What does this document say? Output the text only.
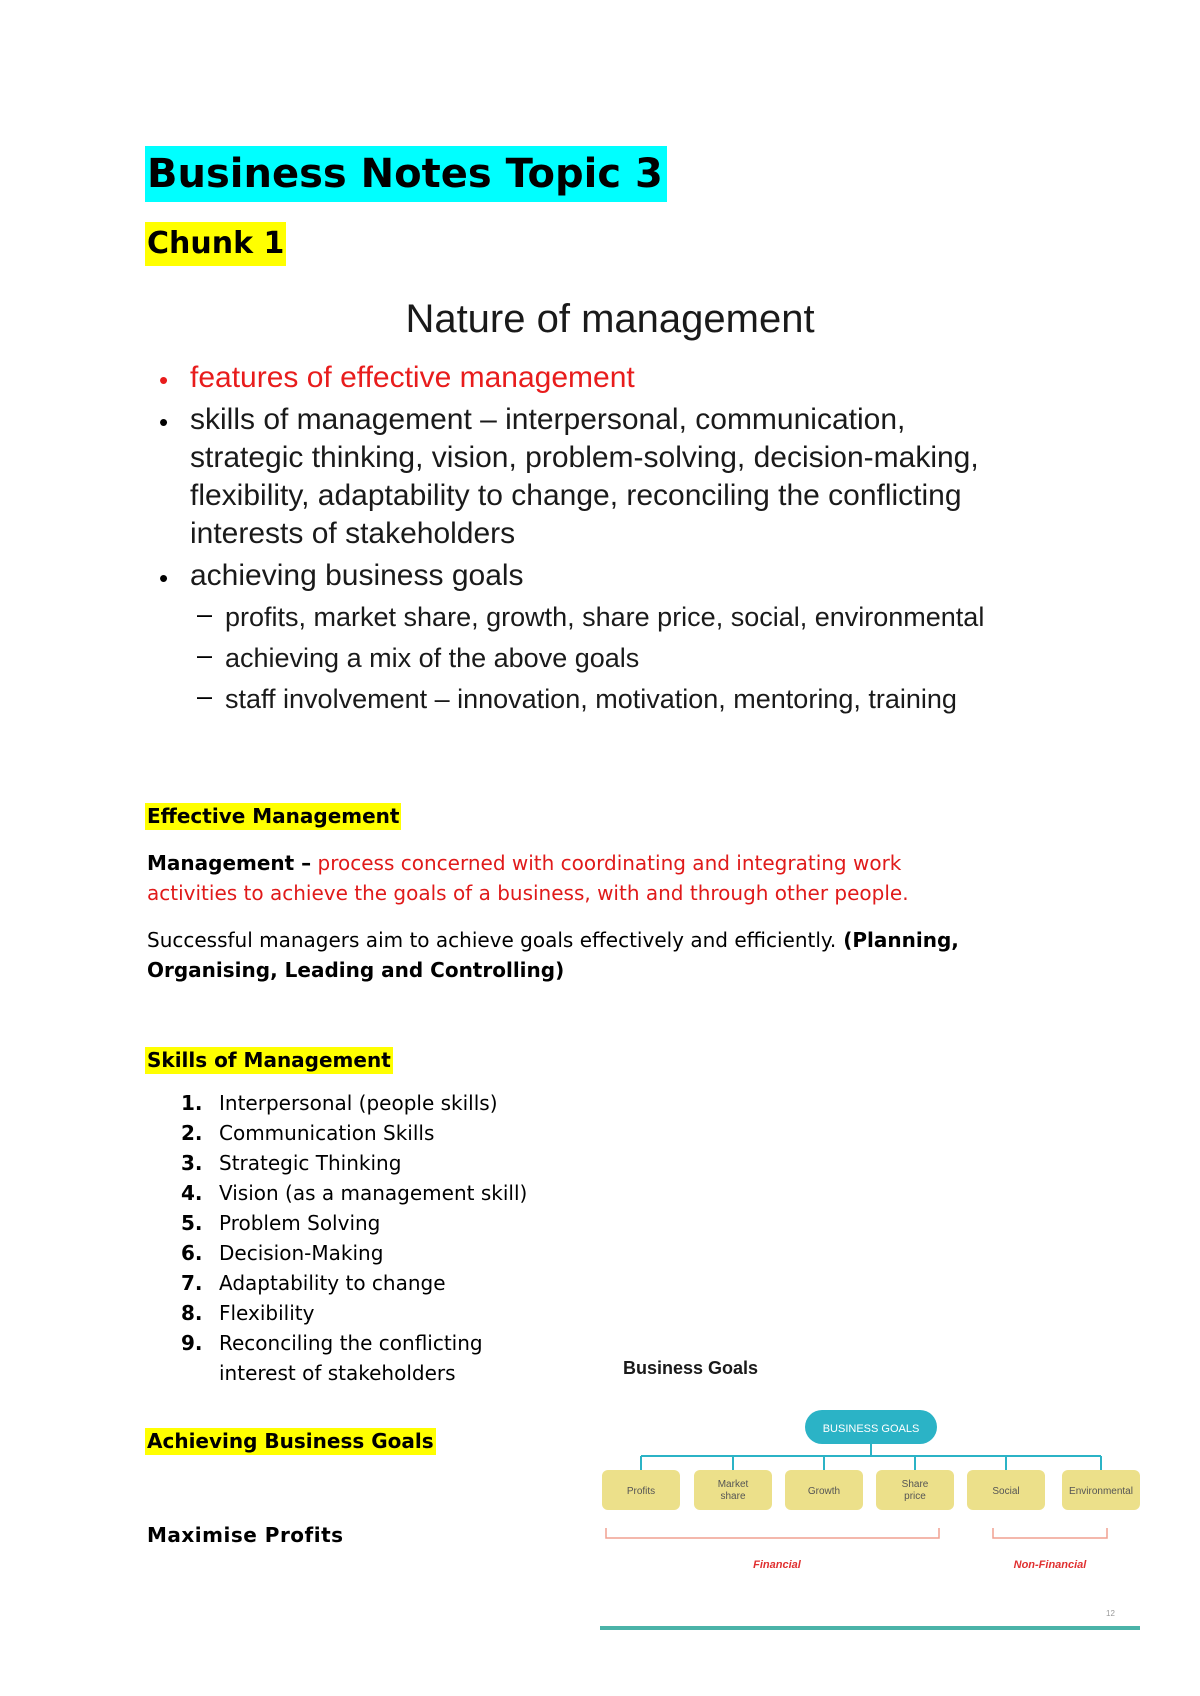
Business Notes Topic 3
Chunk 1
Nature of management
• features of effective management
• skills of management – interpersonal, communication,
strategic thinking, vision, problem-solving, decision-making,
flexibility, adaptability to change, reconciling the conflicting
interests of stakeholders
• achieving business goals
– profits, market share, growth, share price, social, environmental
– achieving a mix of the above goals
– staff involvement – innovation, motivation, mentoring, training
Effective Management
Management – process concerned with coordinating and integrating work
activities to achieve the goals of a business, with and through other people.
Successful managers aim to achieve goals effectively and efficiently. (Planning,
Organising, Leading and Controlling)
Skills of Management
1. Interpersonal (people skills)
2. Communication Skills
3. Strategic Thinking
4. Vision (as a management skill)
5. Problem Solving
6. Decision-Making
7. Adaptability to change
8. Flexibility
9. Reconciling the conflicting
interest of stakeholders
Achieving Business Goals
Maximise Profits
Business Goals
BUSINESS GOALS
Profits
Market
share	Growth
Share
price	Social	Environmental
Financial	Non-Financial
12
